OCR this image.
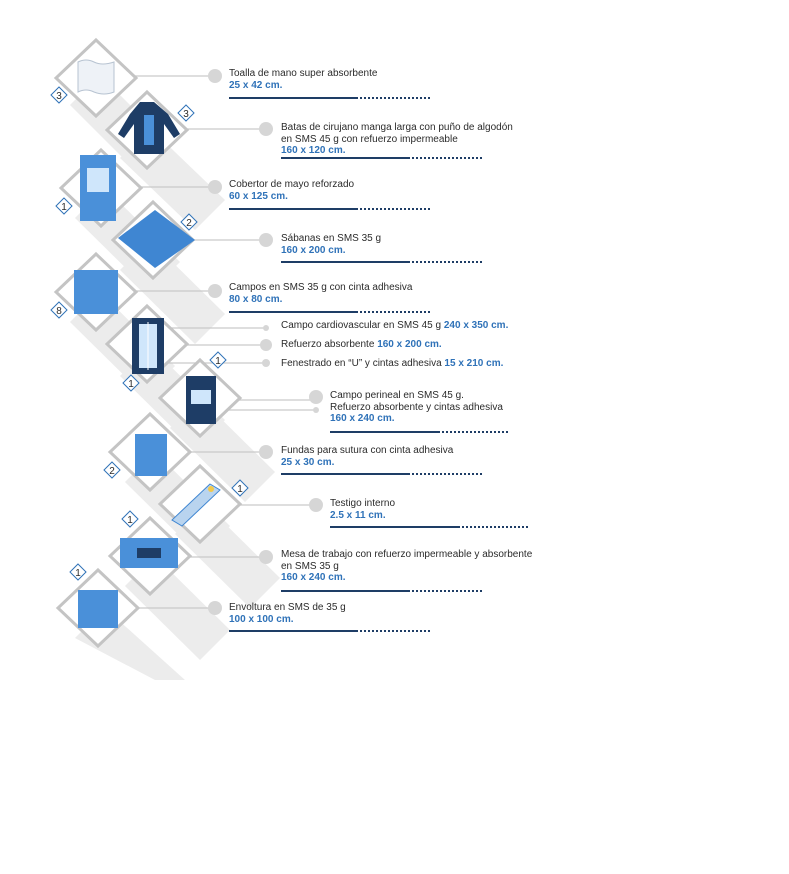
3
3
1
2
8
1
1
2
1
1
1
Toalla de mano super absorbente
25 x 42 cm.
Batas de cirujano manga larga con puño de algodón
en SMS 45 g con refuerzo impermeable
160 x 120 cm.
Cobertor de mayo reforzado
60 x 125 cm.
Sábanas en SMS 35 g
160 x 200 cm.
Campos en SMS 35 g con cinta adhesiva
80 x 80 cm.
Campo cardiovascular en SMS 45 g 240 x 350 cm.
Refuerzo absorbente 160 x 200 cm.
Fenestrado en “U” y cintas adhesiva 15 x 210 cm.
Campo perineal en SMS 45 g.
Refuerzo absorbente y cintas adhesiva
160 x 240 cm.
Fundas para sutura con cinta adhesiva
25 x 30 cm.
Testigo interno
2.5 x 11 cm.
Mesa de trabajo con refuerzo impermeable y absorbente
en SMS 35 g
160 x 240 cm.
Envoltura en SMS de 35 g
100 x 100 cm.
